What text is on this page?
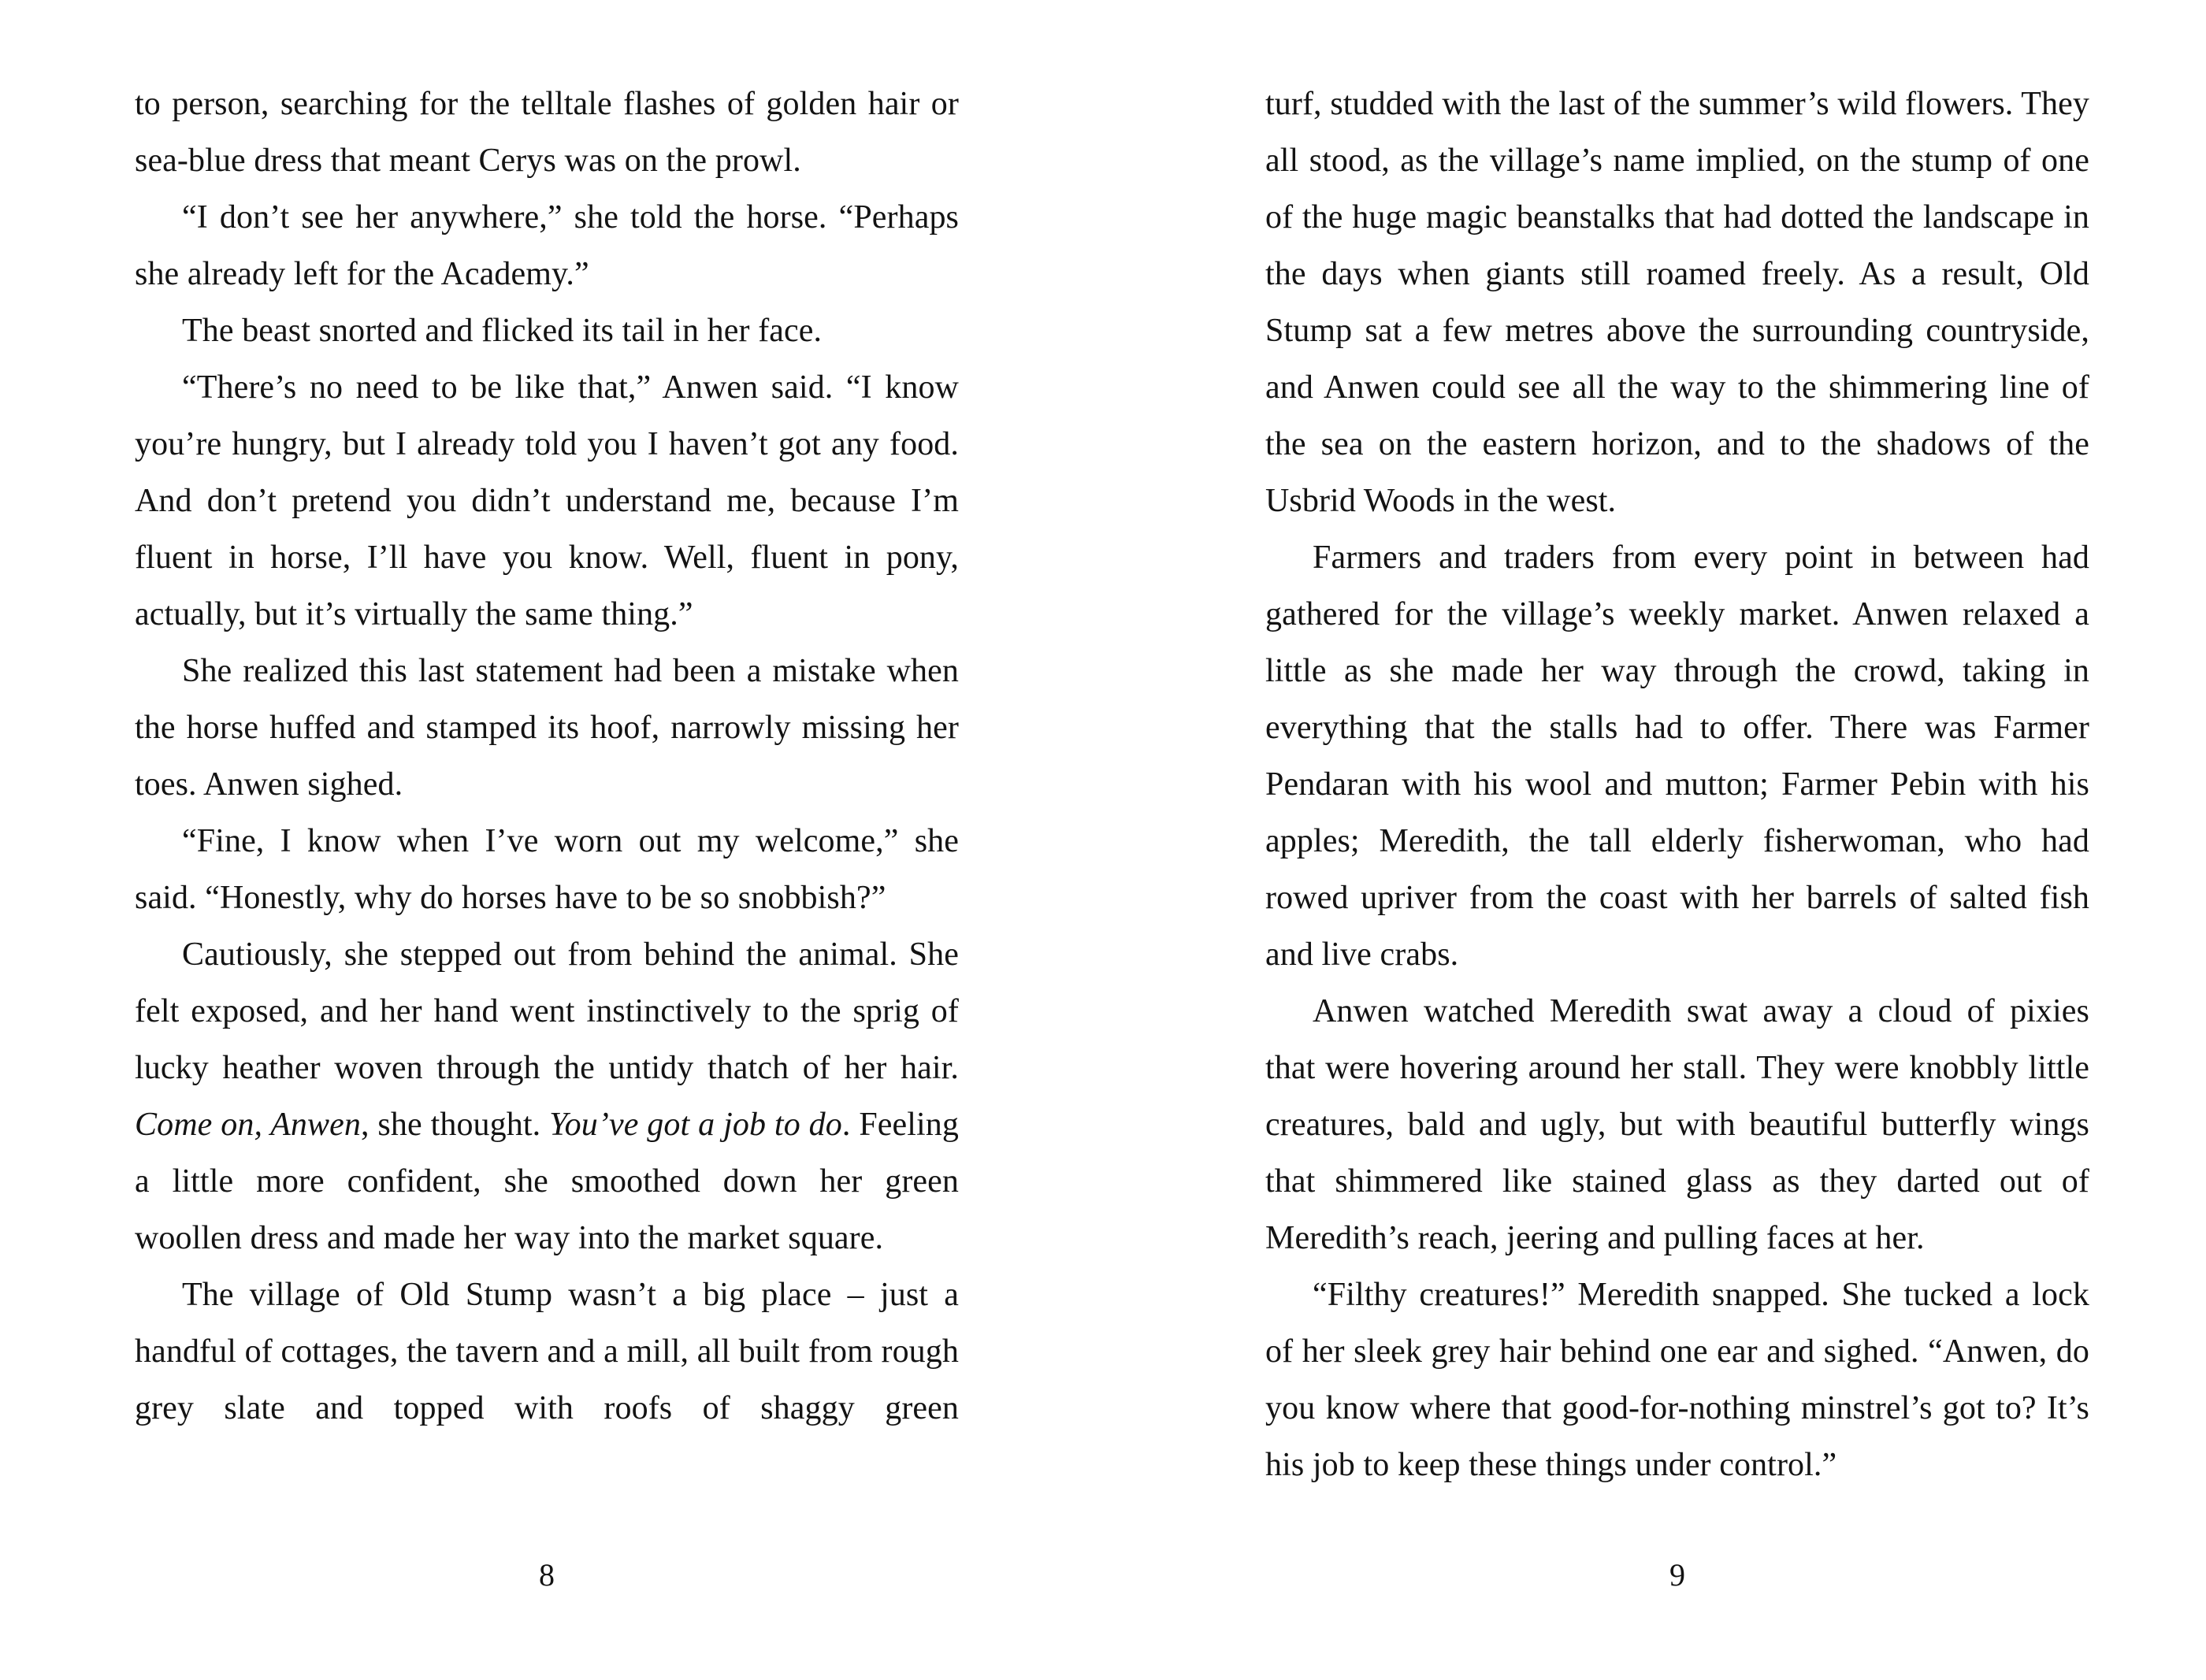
to person, searching for the telltale flashes of golden hair or sea-blue dress that meant Cerys was on the prowl.

“I don’t see her anywhere,” she told the horse. “Perhaps she already left for the Academy.”

The beast snorted and flicked its tail in her face.

“There’s no need to be like that,” Anwen said. “I know you’re hungry, but I already told you I haven’t got any food. And don’t pretend you didn’t understand me, because I’m fluent in horse, I’ll have you know. Well, fluent in pony, actually, but it’s virtually the same thing.”

She realized this last statement had been a mistake when the horse huffed and stamped its hoof, narrowly missing her toes. Anwen sighed.

“Fine, I know when I’ve worn out my welcome,” she said. “Honestly, why do horses have to be so snobbish?”

Cautiously, she stepped out from behind the animal. She felt exposed, and her hand went instinctively to the sprig of lucky heather woven through the untidy thatch of her hair. Come on, Anwen, she thought. You’ve got a job to do. Feeling a little more confident, she smoothed down her green woollen dress and made her way into the market square.

The village of Old Stump wasn’t a big place – just a handful of cottages, the tavern and a mill, all built from rough grey slate and topped with roofs of shaggy green

8

turf, studded with the last of the summer’s wild flowers. They all stood, as the village’s name implied, on the stump of one of the huge magic beanstalks that had dotted the landscape in the days when giants still roamed freely. As a result, Old Stump sat a few metres above the surrounding countryside, and Anwen could see all the way to the shimmering line of the sea on the eastern horizon, and to the shadows of the Usbrid Woods in the west.

Farmers and traders from every point in between had gathered for the village’s weekly market. Anwen relaxed a little as she made her way through the crowd, taking in everything that the stalls had to offer. There was Farmer Pendaran with his wool and mutton; Farmer Pebin with his apples; Meredith, the tall elderly fisherwoman, who had rowed upriver from the coast with her barrels of salted fish and live crabs.

Anwen watched Meredith swat away a cloud of pixies that were hovering around her stall. They were knobbly little creatures, bald and ugly, but with beautiful butterfly wings that shimmered like stained glass as they darted out of Meredith’s reach, jeering and pulling faces at her.

“Filthy creatures!” Meredith snapped. She tucked a lock of her sleek grey hair behind one ear and sighed. “Anwen, do you know where that good-for-nothing minstrel’s got to? It’s his job to keep these things under control.”

9
